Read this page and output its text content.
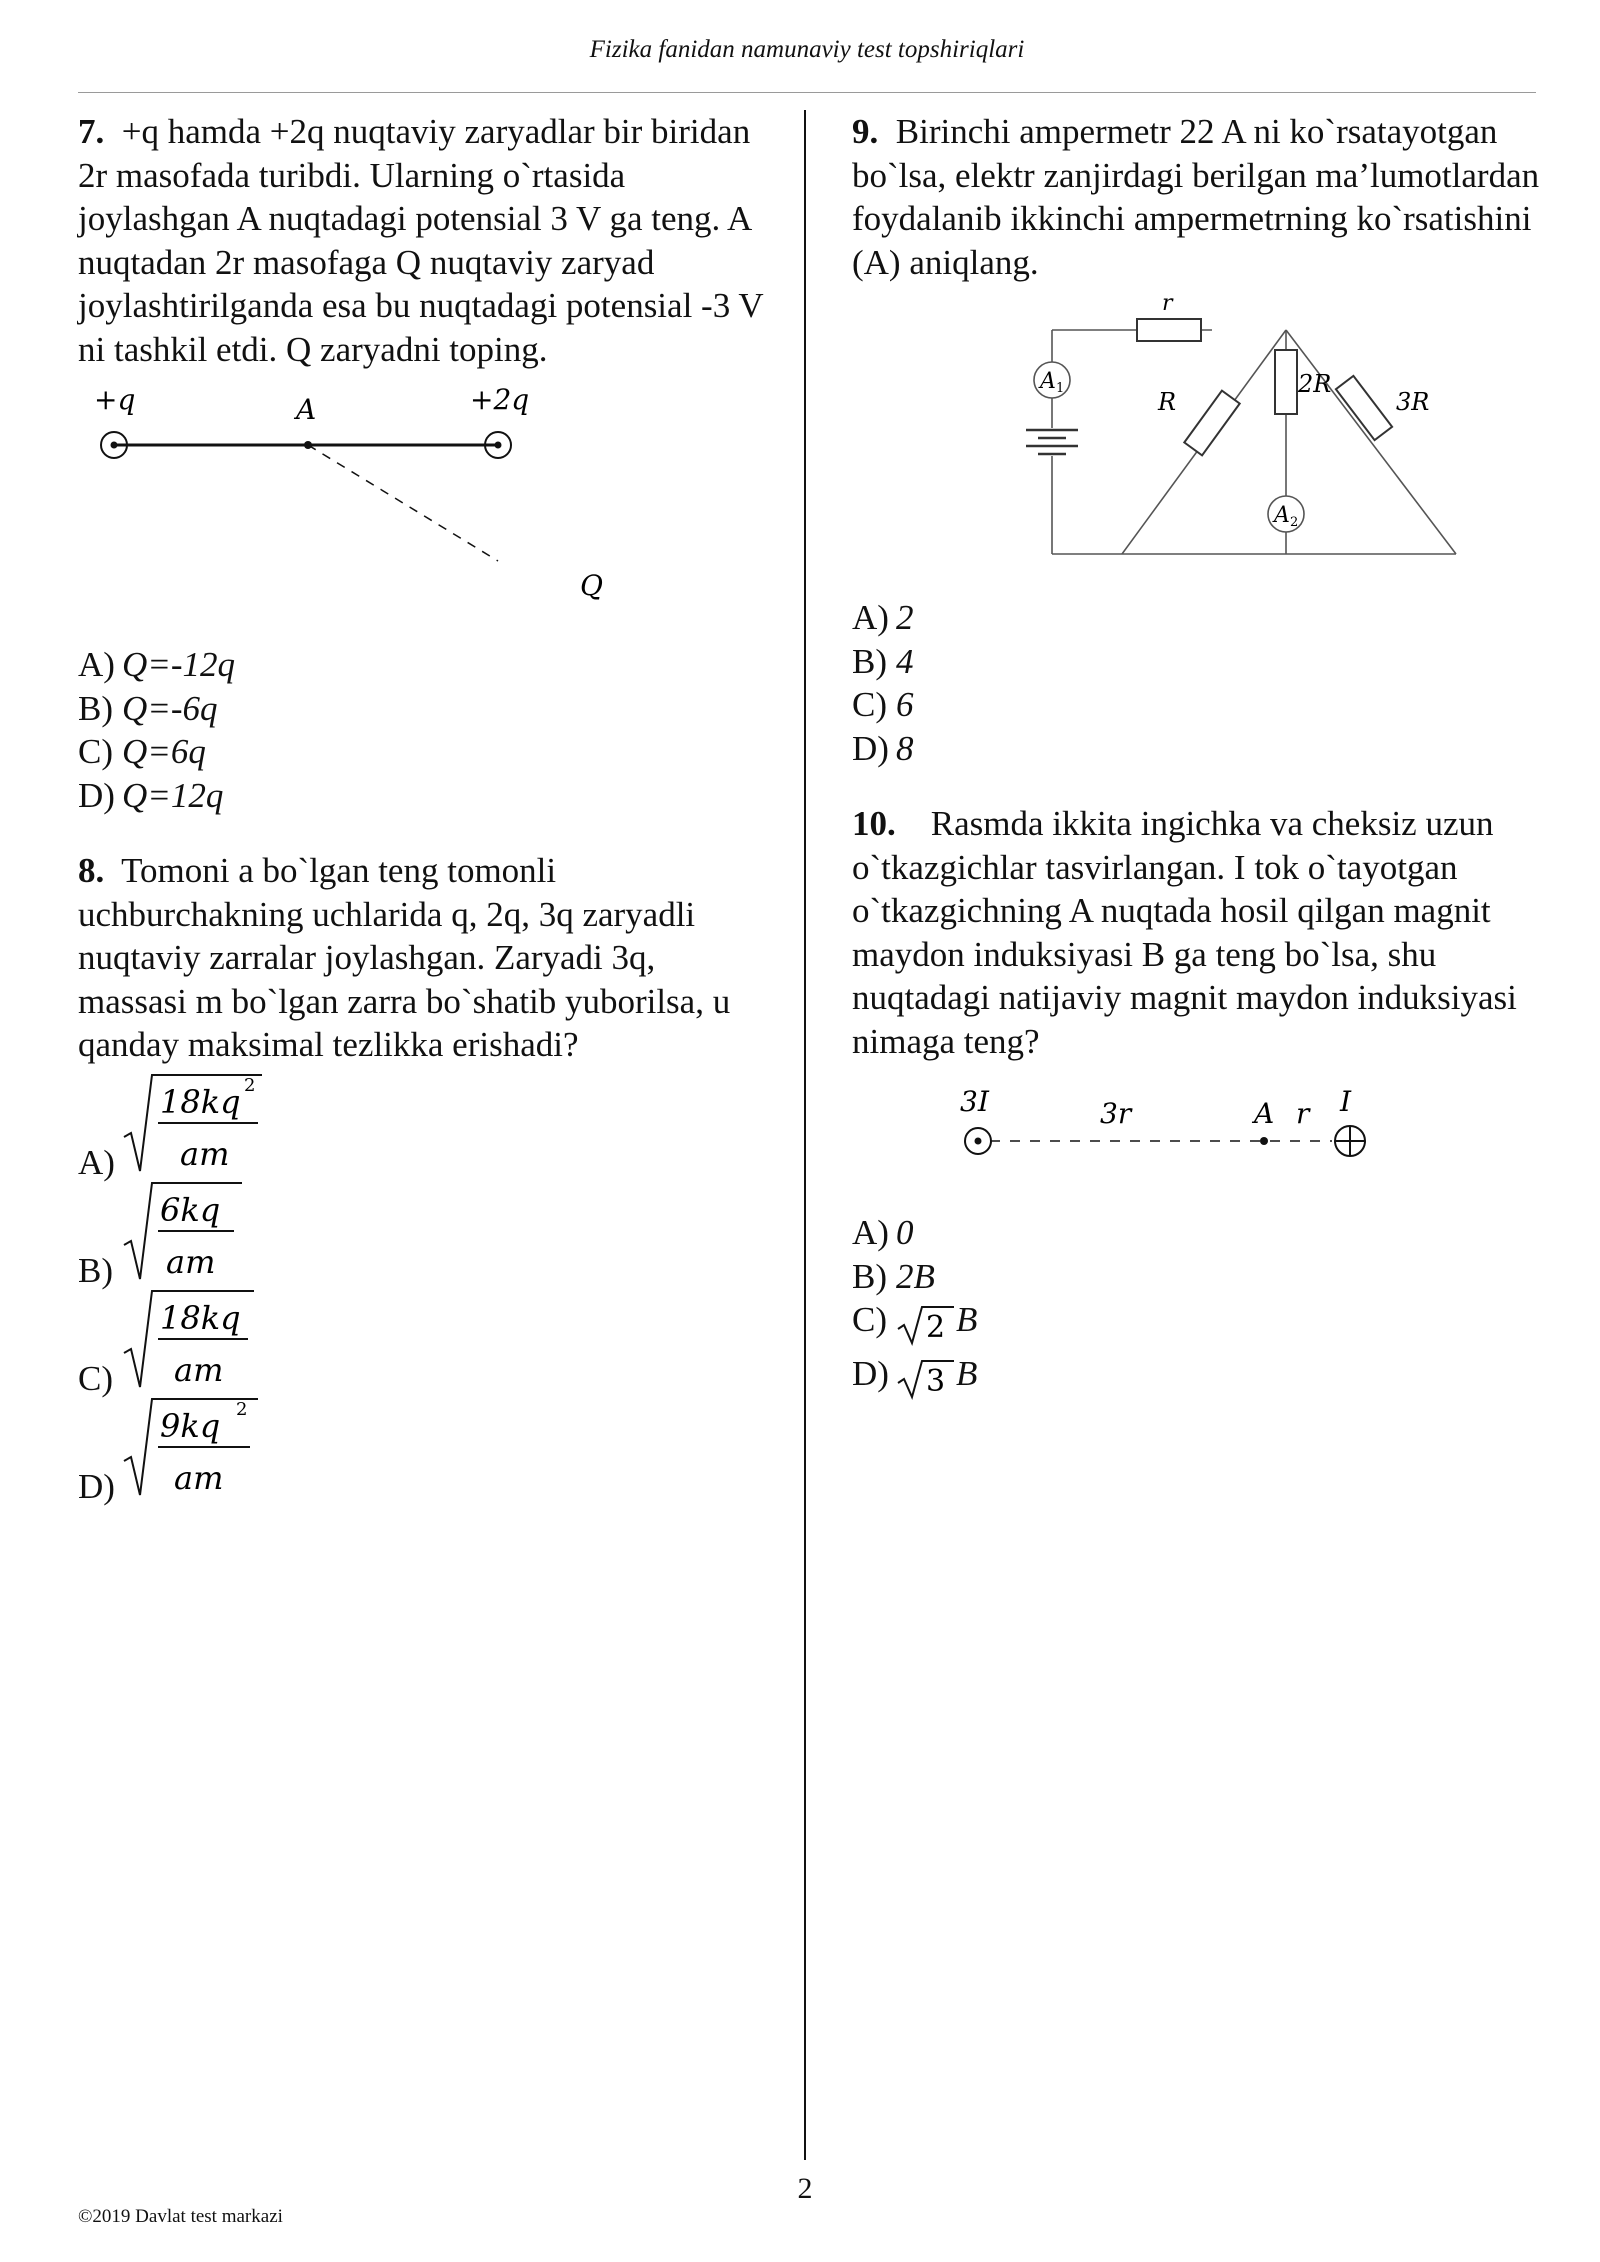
Fizika fanidan namunaviy test topshiriqlari

7. +q hamda +2q nuqtaviy zaryadlar bir biridan 2r masofada turibdi. Ularning o`rtasida joylashgan A nuqtadagi potensial 3 V ga teng. A nuqtadan 2r masofaga Q nuqtaviy zaryad joylashtirilganda esa bu nuqtadagi potensial -3 V ni tashkil etdi. Q zaryadni toping.

+q	A	+2q
Q
A) Q=-12q
B) Q=-6q
C) Q=6q
D) Q=12q

8. Tomoni a bo`lgan teng tomonli uchburchakning uchlarida q, 2q, 3q zaryadli nuqtaviy zarralar joylashgan. Zaryadi 3q, massasi m bo`lgan zarra bo`shatib yuborilsa, u qanday maksimal tezlikka erishadi?

A)
18kq 2
am
B)
6kq
am
C)
18kq
am
D)
9kq 2
am

9. Birinchi ampermetr 22 A ni ko`rsatayotgan bo`lsa, elektr zanjirdagi berilgan ma’lumotlardan foydalanib ikkinchi ampermetrning ko`rsatishini (A) aniqlang.

r
A 1	R
2R
3R
A 2
A) 2
B) 4
C) 6
D) 8

10. Rasmda ikkita ingichka va cheksiz uzun o`tkazgichlar tasvirlangan. I tok o`tayotgan o`tkazgichning A nuqtada hosil qilgan magnit maydon induksiyasi B ga teng bo`lsa, shu nuqtadagi natijaviy magnit maydon induksiyasi nimaga teng?

3I	3r	A r I
A) 0
B) 2B
C)	2 B
D) 3 B
2
©2019 Davlat test markazi
